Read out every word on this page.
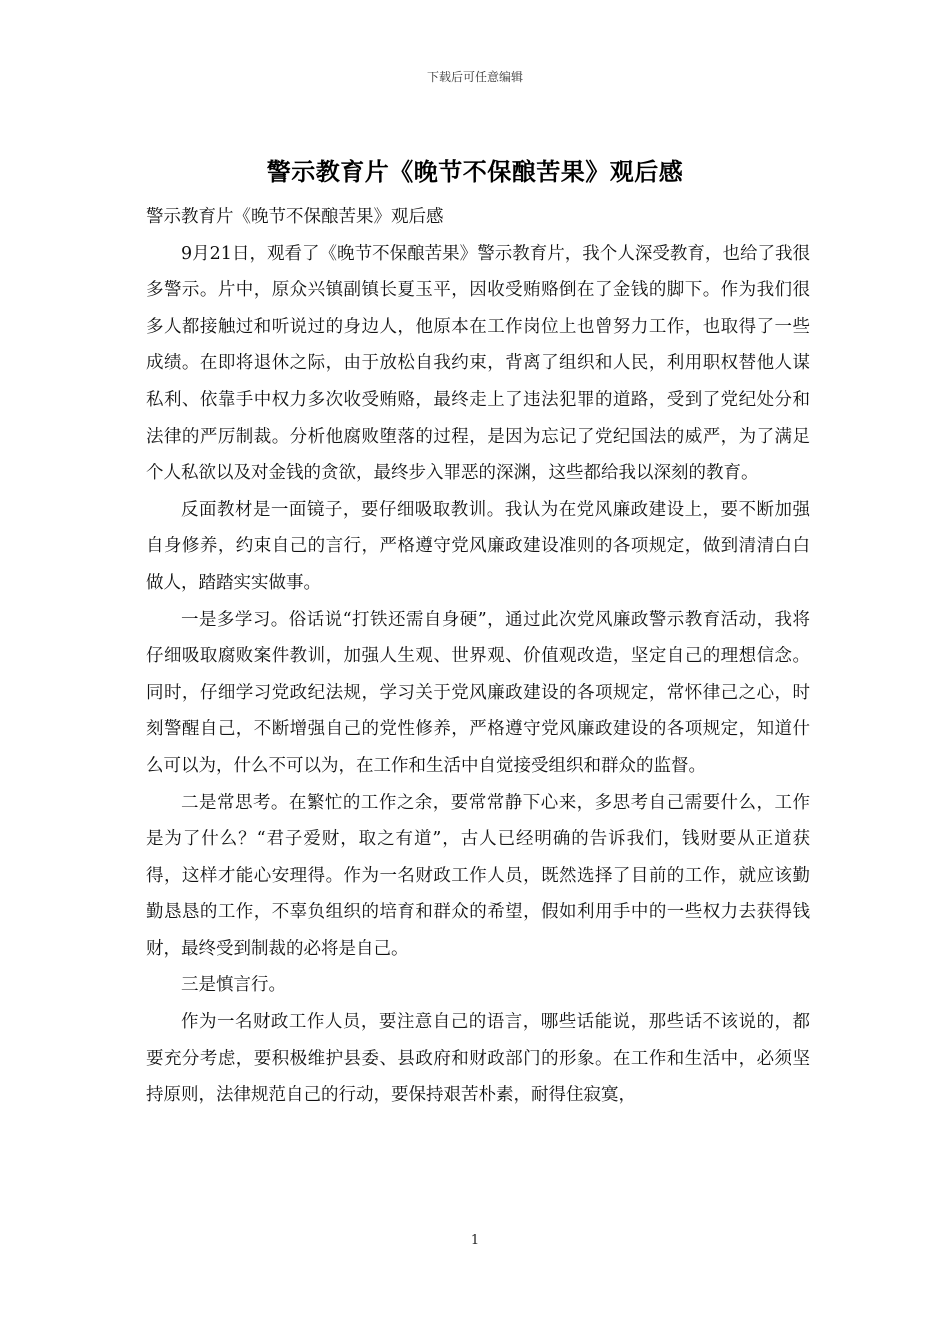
下载后可任意编辑
警示教育片《晚节不保酿苦果》观后感

警示教育片《晚节不保酿苦果》观后感

9月21日，观看了《晚节不保酿苦果》警示教育片，我个人深受教育，也给了我很多警示。片中，原众兴镇副镇长夏玉平，因收受贿赂倒在了金钱的脚下。作为我们很多人都接触过和听说过的身边人，他原本在工作岗位上也曾努力工作，也取得了一些成绩。在即将退休之际，由于放松自我约束，背离了组织和人民，利用职权替他人谋私利、依靠手中权力多次收受贿赂，最终走上了违法犯罪的道路，受到了党纪处分和法律的严厉制裁。分析他腐败堕落的过程，是因为忘记了党纪国法的威严，为了满足个人私欲以及对金钱的贪欲，最终步入罪恶的深渊，这些都给我以深刻的教育。

反面教材是一面镜子，要仔细吸取教训。我认为在党风廉政建设上，要不断加强自身修养，约束自己的言行，严格遵守党风廉政建设准则的各项规定，做到清清白白做人，踏踏实实做事。

一是多学习。俗话说“打铁还需自身硬”，通过此次党风廉政警示教育活动，我将仔细吸取腐败案件教训，加强人生观、世界观、价值观改造，坚定自己的理想信念。同时，仔细学习党政纪法规，学习关于党风廉政建设的各项规定，常怀律己之心，时刻警醒自己，不断增强自己的党性修养，严格遵守党风廉政建设的各项规定，知道什么可以为，什么不可以为，在工作和生活中自觉接受组织和群众的监督。

二是常思考。在繁忙的工作之余，要常常静下心来，多思考自己需要什么，工作是为了什么？“君子爱财，取之有道”，古人已经明确的告诉我们，钱财要从正道获得，这样才能心安理得。作为一名财政工作人员，既然选择了目前的工作，就应该勤勤恳恳的工作，不辜负组织的培育和群众的希望，假如利用手中的一些权力去获得钱财，最终受到制裁的必将是自己。

三是慎言行。

作为一名财政工作人员，要注意自己的语言，哪些话能说，那些话不该说的，都要充分考虑，要积极维护县委、县政府和财政部门的形象。在工作和生活中，必须坚持原则，法律规范自己的行动，要保持艰苦朴素，耐得住寂寞，

1
